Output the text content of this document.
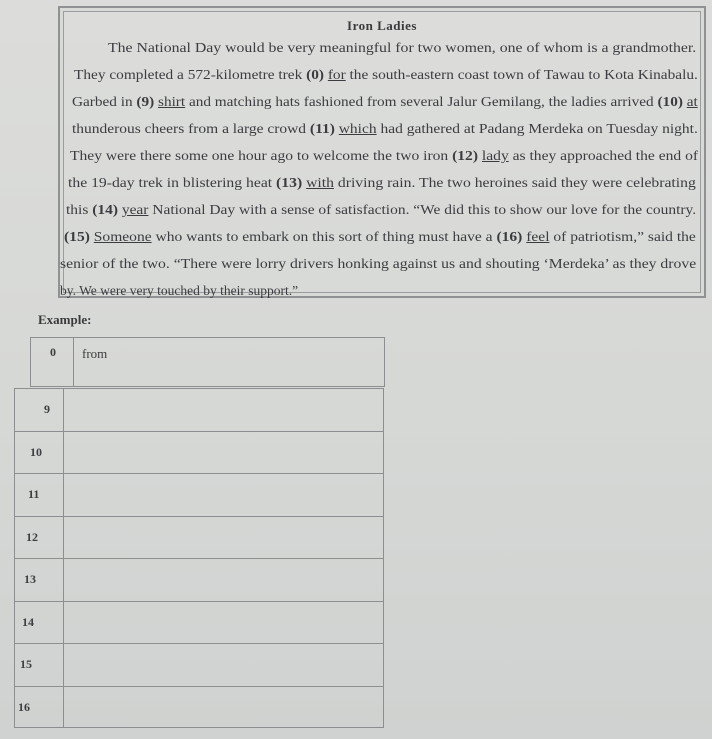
Iron Ladies
The National Day would be very meaningful for two women, one of whom is a grandmother.
They completed a 572-kilometre trek (0) for the south-eastern coast town of Tawau to Kota Kinabalu.
Garbed in (9) shirt and matching hats fashioned from several Jalur Gemilang, the ladies arrived (10) at
thunderous cheers from a large crowd (11) which had gathered at Padang Merdeka on Tuesday night.
They were there some one hour ago to welcome the two iron (12) lady as they approached the end of
the 19-day trek in blistering heat (13) with driving rain. The two heroines said they were celebrating
this (14) year National Day with a sense of satisfaction. “We did this to show our love for the country.
(15) Someone who wants to embark on this sort of thing must have a (16) feel of patriotism,” said the
senior of the two. “There were lorry drivers honking against us and shouting ‘Merdeka’ as they drove
by. We were very touched by their support.”
Example:
0 from
9
10
11
12
13
14
15
16
